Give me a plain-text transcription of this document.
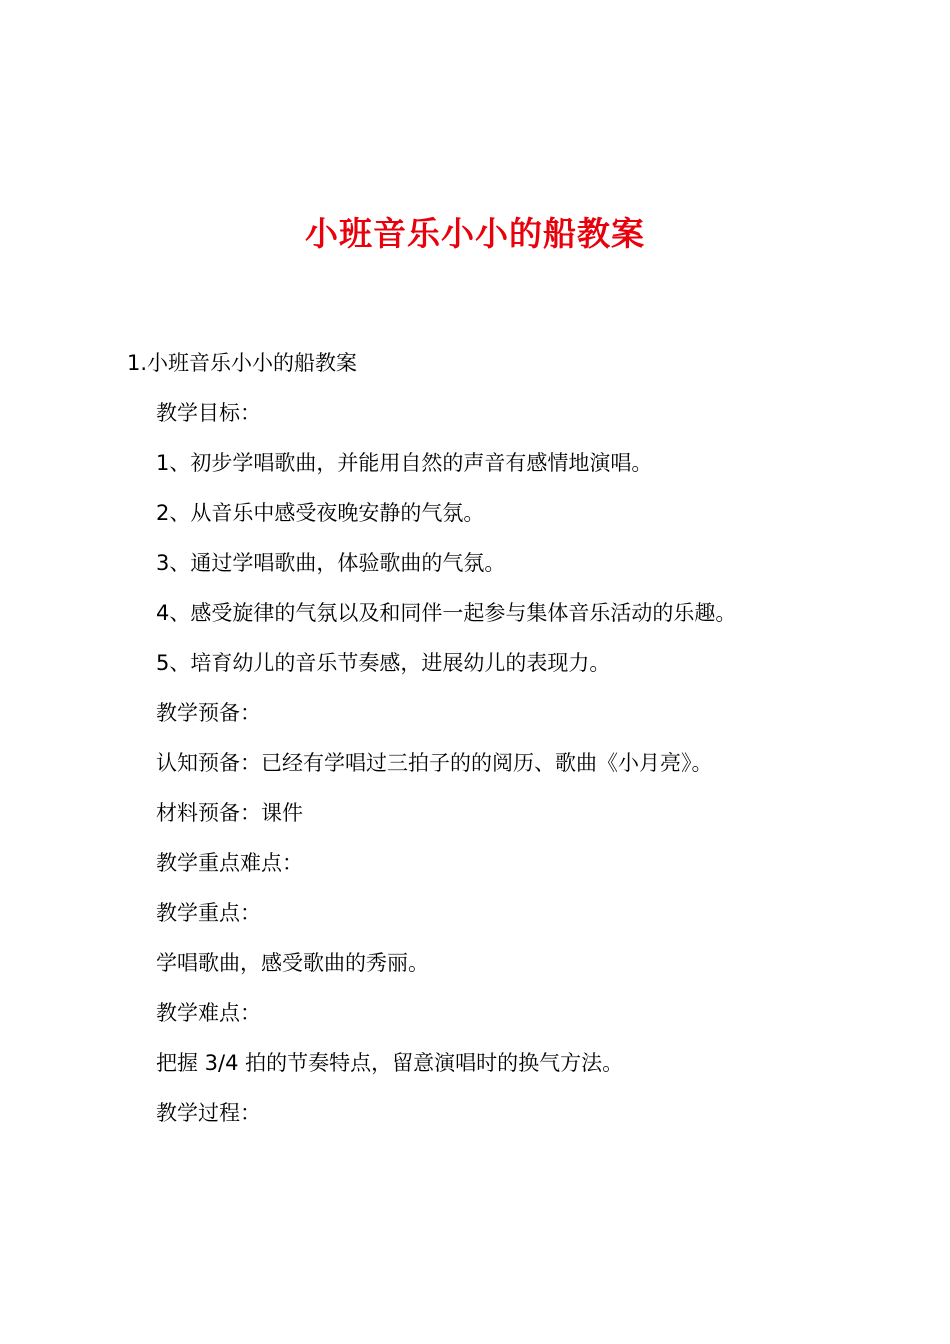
小班音乐小小的船教案

1.小班音乐小小的船教案

教学目标：
1、初步学唱歌曲，并能用自然的声音有感情地演唱。
2、从音乐中感受夜晚安静的气氛。
3、通过学唱歌曲，体验歌曲的气氛。
4、感受旋律的气氛以及和同伴一起参与集体音乐活动的乐趣。
5、培育幼儿的音乐节奏感，进展幼儿的表现力。
教学预备：
认知预备：已经有学唱过三拍子的的阅历、歌曲《小月亮》。
材料预备：课件
教学重点难点：
教学重点：
学唱歌曲，感受歌曲的秀丽。
教学难点：
把握 3/4 拍的节奏特点，留意演唱时的换气方法。
教学过程：
